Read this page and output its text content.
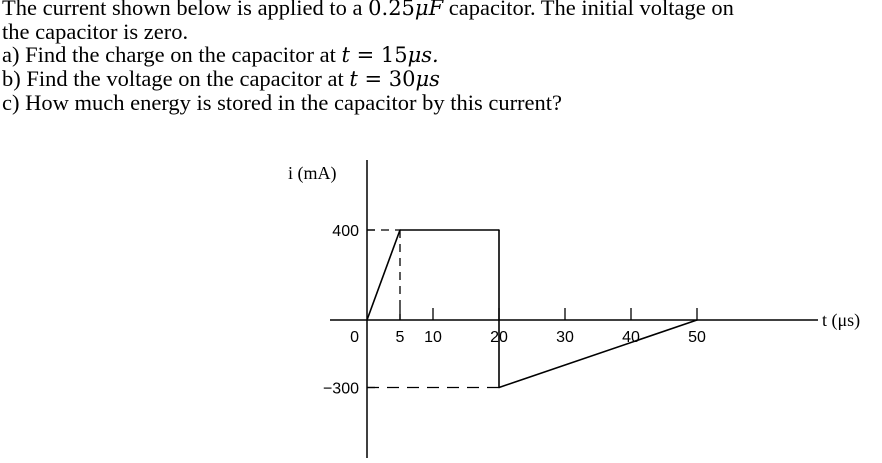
The current shown below is applied to a 0.25μF capacitor. The initial voltage on
the capacitor is zero.
a) Find the charge on the capacitor at t = 15μs.
b) Find the voltage on the capacitor at t = 30μs
c) How much energy is stored in the capacitor by this current?
i (mA)
t (μs)
400
0
−300
5 10	20	30	40	50
